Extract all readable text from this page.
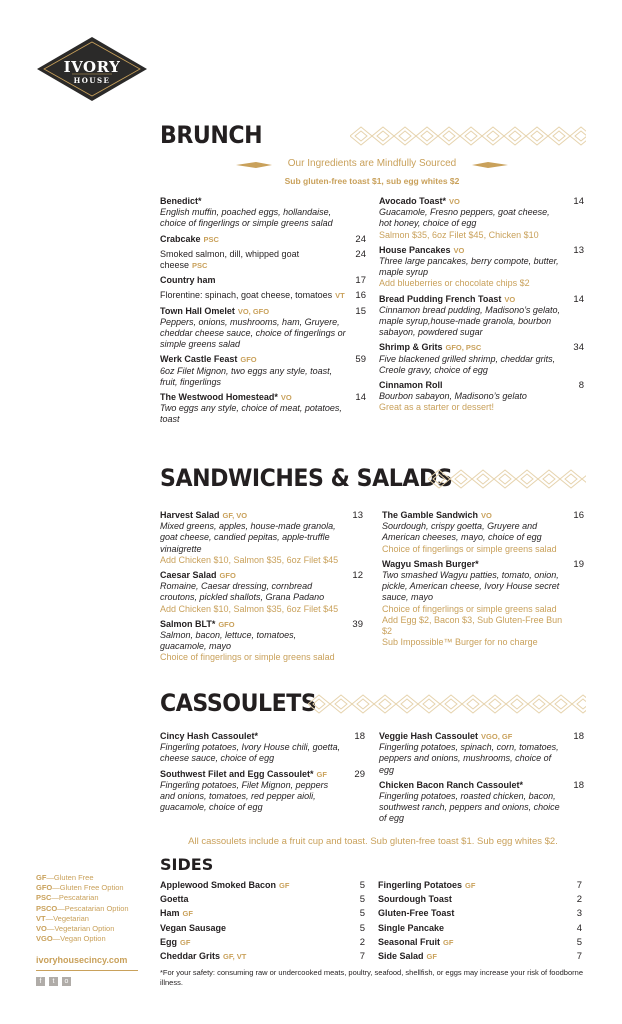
IVORY
HOUSE
BRUNCH
Our Ingredients are Mindfully Sourced
Sub gluten-free toast $1, sub egg whites $2
Benedict*
English muffin, poached eggs, hollandaise, choice of fingerlings or simple greens salad
Crabcake PSC	24
Smoked salmon, dill, whipped goat cheese PSC
24
Country ham	17
Florentine: spinach, goat cheese, tomatoes VT 16
Town Hall Omelet VO, GFO	15
Peppers, onions, mushrooms, ham, Gruyere, cheddar cheese sauce, choice of fingerlings or simple greens salad
Werk Castle Feast GFO	59
6oz Filet Mignon, two eggs any style, toast, fruit, fingerlings
The Westwood Homestead* VO	14
Two eggs any style, choice of meat, potatoes, toast
Avocado Toast* VO	14
Guacamole, Fresno peppers, goat cheese, hot honey, choice of egg
Salmon $35, 6oz Filet $45, Chicken $10
House Pancakes VO	13
Three large pancakes, berry compote, butter, maple syrup
Add blueberries or chocolate chips $2
Bread Pudding French Toast VO	14
Cinnamon bread pudding, Madisono’s gelato, maple syrup,house-made granola, bourbon sabayon, powdered sugar
Shrimp & Grits GFO, PSC	34
Five blackened grilled shrimp, cheddar grits, Creole gravy, choice of egg
Cinnamon Roll	8
Bourbon sabayon, Madisono’s gelato
Great as a starter or dessert!
SANDWICHES & SALADS
Harvest Salad GF, VO	13
Mixed greens, apples, house-made granola, goat cheese, candied pepitas, apple-truffle vinaigrette
Add Chicken $10, Salmon $35, 6oz Filet $45
Caesar Salad GFO	12
Romaine, Caesar dressing, cornbread croutons, pickled shallots, Grana Padano
Add Chicken $10, Salmon $35, 6oz Filet $45
Salmon BLT* GFO	39
Salmon, bacon, lettuce, tomatoes, guacamole, mayo
Choice of fingerlings or simple greens salad
The Gamble Sandwich VO	16
Sourdough, crispy goetta, Gruyere and American cheeses, mayo, choice of egg
Choice of fingerlings or simple greens salad
Wagyu Smash Burger*	19
Two smashed Wagyu patties, tomato, onion, pickle, American cheese, Ivory House secret sauce, mayo
Choice of fingerlings or simple greens salad
Add Egg $2, Bacon $3, Sub Gluten-Free Bun $2
Sub Impossible™ Burger for no charge
CASSOULETS
Cincy Hash Cassoulet*	18
Fingerling potatoes, Ivory House chili, goetta, cheese sauce, choice of egg
Southwest Filet and Egg Cassoulet* GF	29
Fingerling potatoes, Filet Mignon, peppers and onions, tomatoes, red pepper aioli, guacamole, choice of egg
Veggie Hash Cassoulet VGO, GF	18
Fingerling potatoes, spinach, corn, tomatoes, peppers and onions, mushrooms, choice of egg
Chicken Bacon Ranch Cassoulet*	18
Fingerling potatoes, roasted chicken, bacon, southwest ranch, peppers and onions, choice of egg
All cassoulets include a fruit cup and toast. Sub gluten-free toast $1. Sub egg whites $2.
SIDES
Applewood Smoked Bacon GF	5
Goetta	5
Ham GF	5
Vegan Sausage	5
Egg GF	2
Cheddar Grits GF, VT	7
Fingerling Potatoes GF	7
Sourdough Toast	2
Gluten-Free Toast	3
Single Pancake	4
Seasonal Fruit GF	5
Side Salad GF	7
GF—Gluten Free
GFO—Gluten Free Option
PSC—Pescatarian
PSCO—Pescatarian Option
VT—Vegetarian
VO—Vegetarian Option
VGO—Vegan Option
ivoryhousecincy.com
f	t	o
*For your safety: consuming raw or undercooked meats, poultry, seafood, shellfish, or eggs may increase your risk of foodborne illness.
